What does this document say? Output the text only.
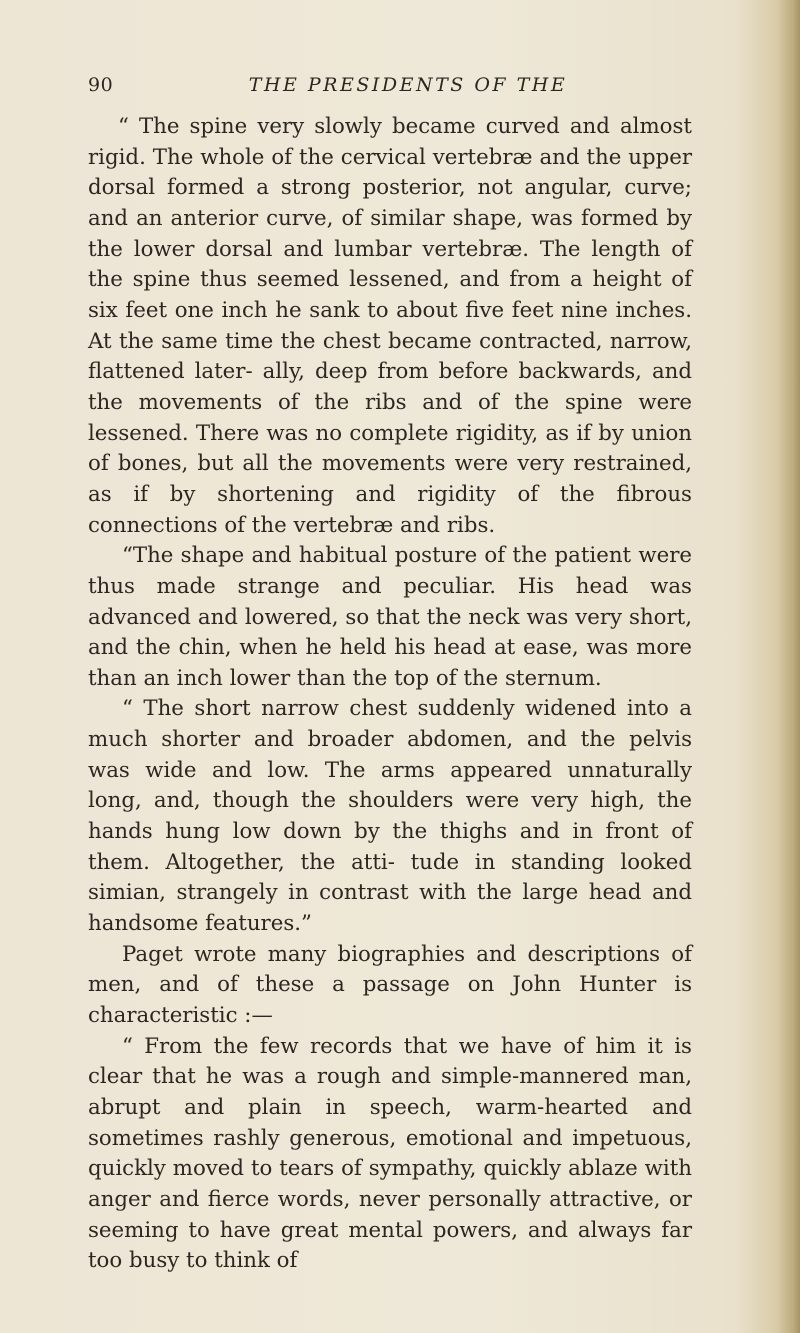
90	THE PRESIDENTS OF THE

“ The spine very slowly became curved and almost rigid. The whole of the cervical vertebræ and the upper dorsal formed a strong posterior, not angular, curve; and an anterior curve, of similar shape, was formed by the lower dorsal and lumbar vertebræ. The length of the spine thus seemed lessened, and from a height of six feet one inch he sank to about five feet nine inches. At the same time the chest became contracted, narrow, flattened later- ally, deep from before backwards, and the movements of the ribs and of the spine were lessened. There was no complete rigidity, as if by union of bones, but all the movements were very restrained, as if by shortening and rigidity of the fibrous connections of the vertebræ and ribs.

“The shape and habitual posture of the patient were thus made strange and peculiar. His head was advanced and lowered, so that the neck was very short, and the chin, when he held his head at ease, was more than an inch lower than the top of the sternum.

“ The short narrow chest suddenly widened into a much shorter and broader abdomen, and the pelvis was wide and low. The arms appeared unnaturally long, and, though the shoulders were very high, the hands hung low down by the thighs and in front of them. Altogether, the atti- tude in standing looked simian, strangely in contrast with the large head and handsome features.”

Paget wrote many biographies and descriptions of men, and of these a passage on John Hunter is characteristic :—

“ From the few records that we have of him it is clear that he was a rough and simple-mannered man, abrupt and plain in speech, warm-hearted and sometimes rashly generous, emotional and impetuous, quickly moved to tears of sympathy, quickly ablaze with anger and fierce words, never personally attractive, or seeming to have great mental powers, and always far too busy to think of
